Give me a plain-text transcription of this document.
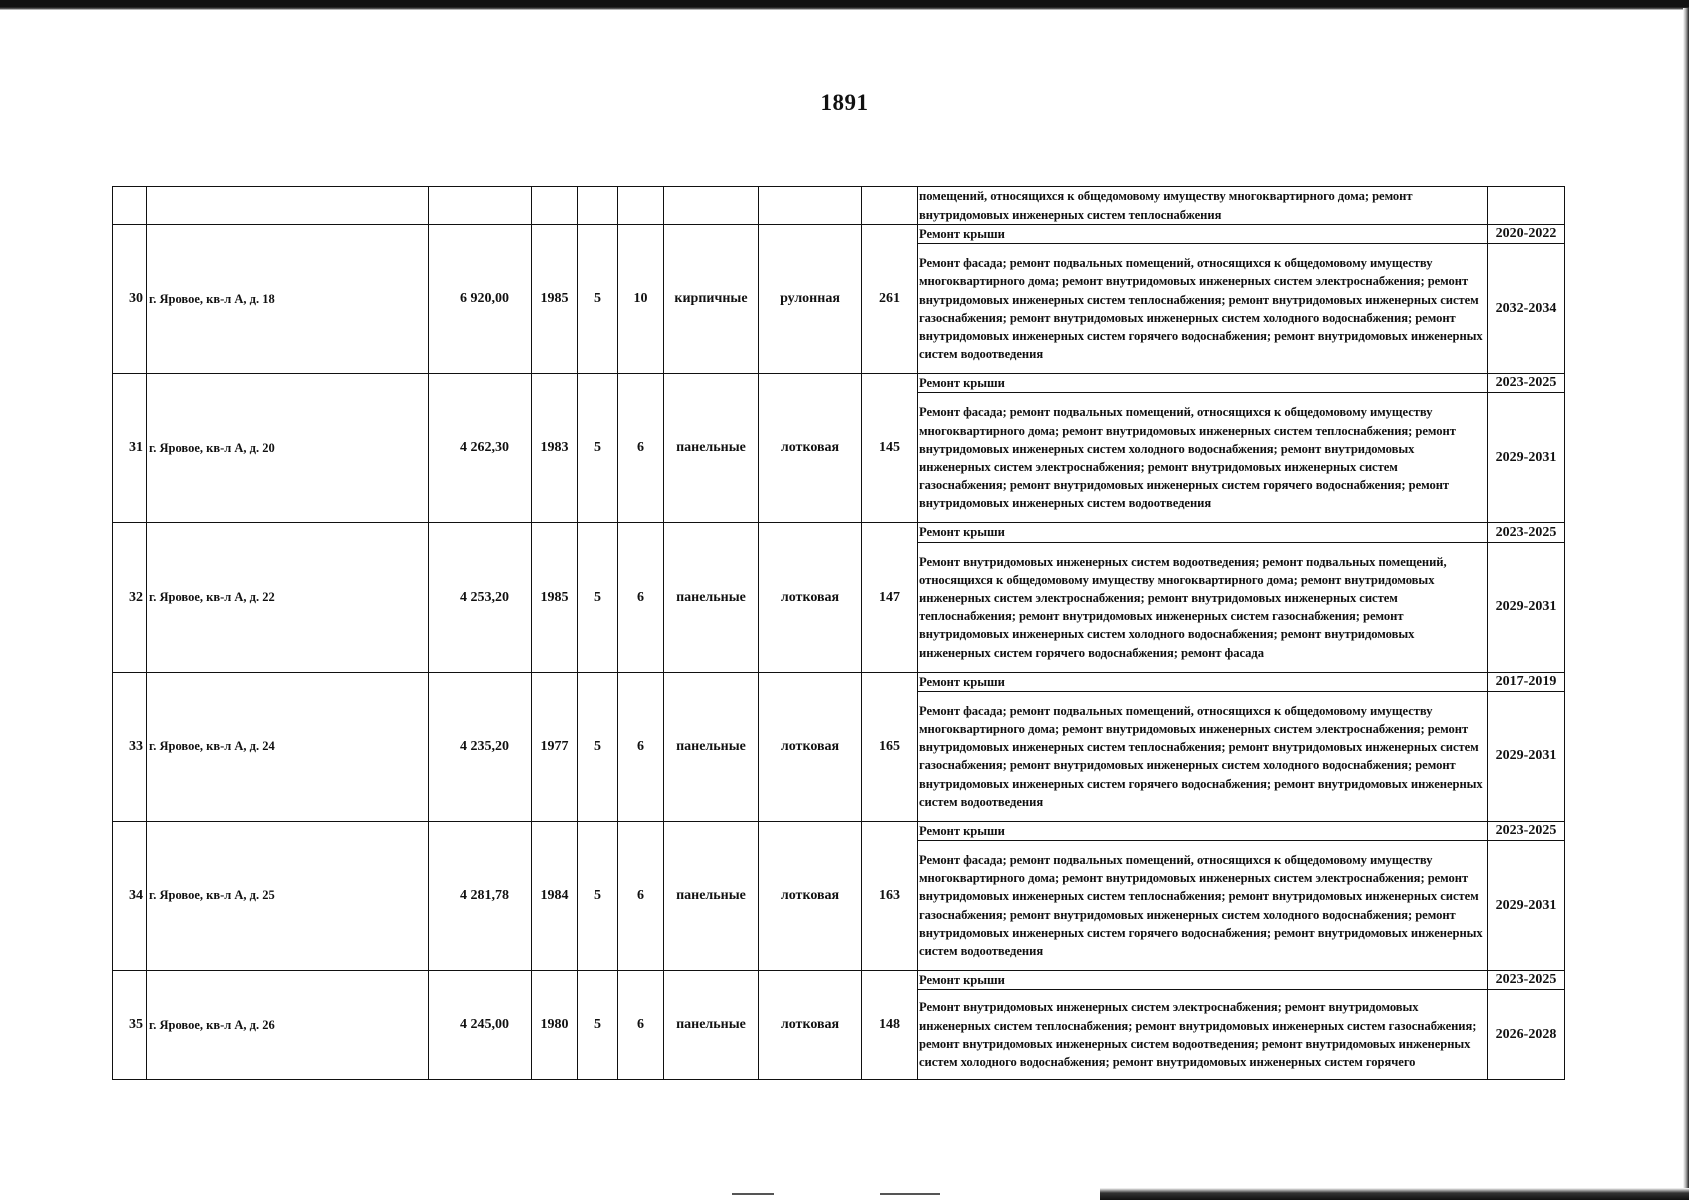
1891
									помещений, относящихся к общедомовому имуществу многоквартирного дома; ремонт внутридомовых инженерных систем теплоснабжения	
30	г. Яровое, кв-л А, д. 18	6 920,00	1985	5	10	кирпичные	рулонная	261	Ремонт крыши	2020-2022
									Ремонт фасада; ремонт подвальных помещений, относящихся к общедомовому имуществу многоквартирного дома; ремонт внутридомовых инженерных систем электроснабжения; ремонт внутридомовых инженерных систем теплоснабжения; ремонт внутридомовых инженерных систем газоснабжения; ремонт внутридомовых инженерных систем холодного водоснабжения; ремонт внутридомовых инженерных систем горячего водоснабжения; ремонт внутридомовых инженерных систем водоотведения	2032-2034
31	г. Яровое, кв-л А, д. 20	4 262,30	1983	5	6	панельные	лотковая	145	Ремонт крыши	2023-2025
									Ремонт фасада; ремонт подвальных помещений, относящихся к общедомовому имуществу многоквартирного дома; ремонт внутридомовых инженерных систем теплоснабжения; ремонт внутридомовых инженерных систем холодного водоснабжения; ремонт внутридомовых инженерных систем электроснабжения; ремонт внутридомовых инженерных систем газоснабжения; ремонт внутридомовых инженерных систем горячего водоснабжения; ремонт внутридомовых инженерных систем водоотведения	2029-2031
32	г. Яровое, кв-л А, д. 22	4 253,20	1985	5	6	панельные	лотковая	147	Ремонт крыши	2023-2025
									Ремонт внутридомовых инженерных систем водоотведения; ремонт подвальных помещений, относящихся к общедомовому имуществу многоквартирного дома; ремонт внутридомовых инженерных систем электроснабжения; ремонт внутридомовых инженерных систем теплоснабжения; ремонт внутридомовых инженерных систем газоснабжения; ремонт внутридомовых инженерных систем холодного водоснабжения; ремонт внутридомовых инженерных систем горячего водоснабжения; ремонт фасада	2029-2031
33	г. Яровое, кв-л А, д. 24	4 235,20	1977	5	6	панельные	лотковая	165	Ремонт крыши	2017-2019
									Ремонт фасада; ремонт подвальных помещений, относящихся к общедомовому имуществу многоквартирного дома; ремонт внутридомовых инженерных систем электроснабжения; ремонт внутридомовых инженерных систем теплоснабжения; ремонт внутридомовых инженерных систем газоснабжения; ремонт внутридомовых инженерных систем холодного водоснабжения; ремонт внутридомовых инженерных систем горячего водоснабжения; ремонт внутридомовых инженерных систем водоотведения	2029-2031
34	г. Яровое, кв-л А, д. 25	4 281,78	1984	5	6	панельные	лотковая	163	Ремонт крыши	2023-2025
									Ремонт фасада; ремонт подвальных помещений, относящихся к общедомовому имуществу многоквартирного дома; ремонт внутридомовых инженерных систем электроснабжения; ремонт внутридомовых инженерных систем теплоснабжения; ремонт внутридомовых инженерных систем газоснабжения; ремонт внутридомовых инженерных систем холодного водоснабжения; ремонт внутридомовых инженерных систем горячего водоснабжения; ремонт внутридомовых инженерных систем водоотведения	2029-2031
35	г. Яровое, кв-л А, д. 26	4 245,00	1980	5	6	панельные	лотковая	148	Ремонт крыши	2023-2025
									Ремонт внутридомовых инженерных систем электроснабжения; ремонт внутридомовых инженерных систем теплоснабжения; ремонт внутридомовых инженерных систем газоснабжения; ремонт внутридомовых инженерных систем водоотведения; ремонт внутридомовых инженерных систем холодного водоснабжения; ремонт внутридомовых инженерных систем горячего	2026-2028
